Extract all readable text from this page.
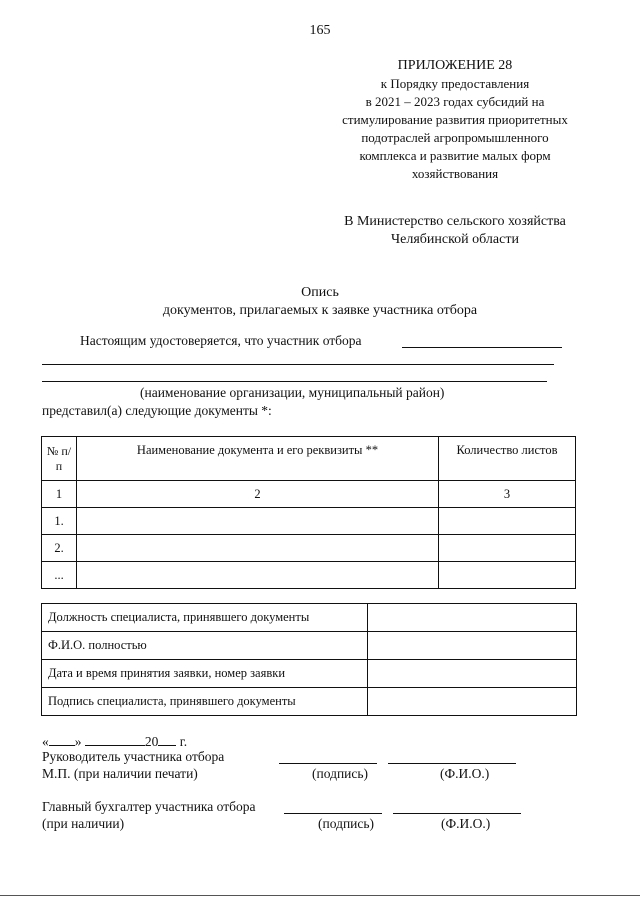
165
ПРИЛОЖЕНИЕ 28
к Порядку предоставления
в 2021 – 2023 годах субсидий на
стимулирование развития приоритетных
подотраслей агропромышленного
комплекса и развитие малых форм
хозяйствования
В Министерство сельского хозяйства
Челябинской области
Опись
документов, прилагаемых к заявке участника отбора
Настоящим удостоверяется, что участник отбора
(наименование организации, муниципальный район)
представил(а) следующие документы *:
№ п/п	Наименование документа и его реквизиты **	Количество листов
1	2	3
1.		
2.		
...		
Должность специалиста, принявшего документы	
Ф.И.О. полностью	
Дата и время принятия заявки, номер заявки	
Подпись специалиста, принявшего документы	
« »	20 г.
Руководитель участника отбора
М.П. (при наличии печати)	(подпись)	(Ф.И.О.)
Главный бухгалтер участника отбора
(при наличии)	(подпись)	(Ф.И.О.)
